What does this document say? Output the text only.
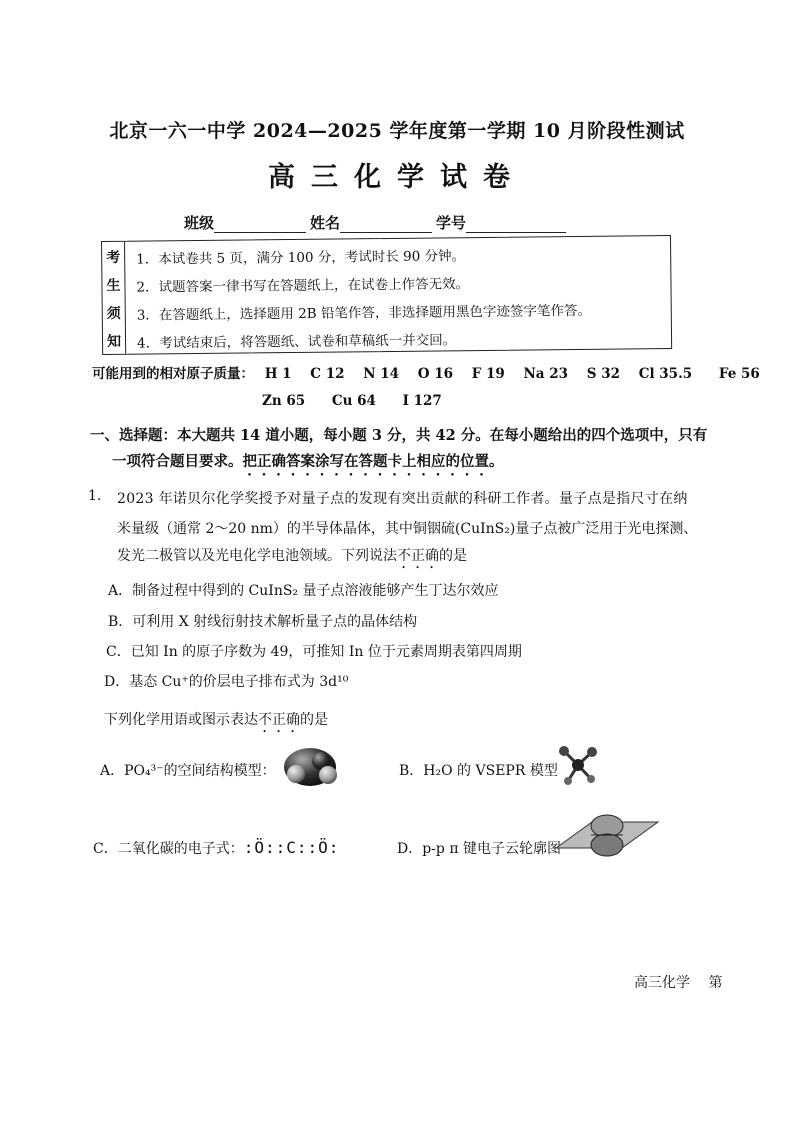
北京一六一中学 2024—2025 学年度第一学期 10 月阶段性测试
高三化学试卷
班级	姓名	学号
考
生
须
知
1．本试卷共 5 页，满分 100 分，考试时长 90 分钟。
2．试题答案一律书写在答题纸上，在试卷上作答无效。
3．在答题纸上，选择题用 2B 铅笔作答，非选择题用黑色字迹签字笔作答。
4．考试结束后，将答题纸、试卷和草稿纸一并交回。
可能用到的相对原子质量： H 1 C 12 N 14 O 16 F 19 Na 23 S 32 Cl 35.5 Fe 56
Zn 65 Cu 64 I 127
一、选择题：本大题共 14 道小题，每小题 3 分，共 42 分。在每小题给出的四个选项中，只有
一项符合题目要求。把正确答案涂写在答题卡上相应的位置。
1. 2023 年诺贝尔化学奖授予对量子点的发现有突出贡献的科研工作者。量子点是指尺寸在纳
米量级（通常 2～20 nm）的半导体晶体，其中铜铟硫(CuInS₂)量子点被广泛用于光电探测、
发光二极管以及光电化学电池领域。下列说法不正确的是
A．制备过程中得到的 CuInS₂ 量子点溶液能够产生丁达尔效应
B．可利用 X 射线衍射技术解析量子点的晶体结构
C．已知 In 的原子序数为 49，可推知 In 位于元素周期表第四周期
D．基态 Cu⁺的价层电子排布式为 3d¹⁰
下列化学用语或图示表达不正确的是
A．PO₄³⁻的空间结构模型：	B．H₂O 的 VSEPR 模型
C．二氧化碳的电子式：:Ö::C::Ö:	D．p-p π 键电子云轮廓图
高三化学 第
